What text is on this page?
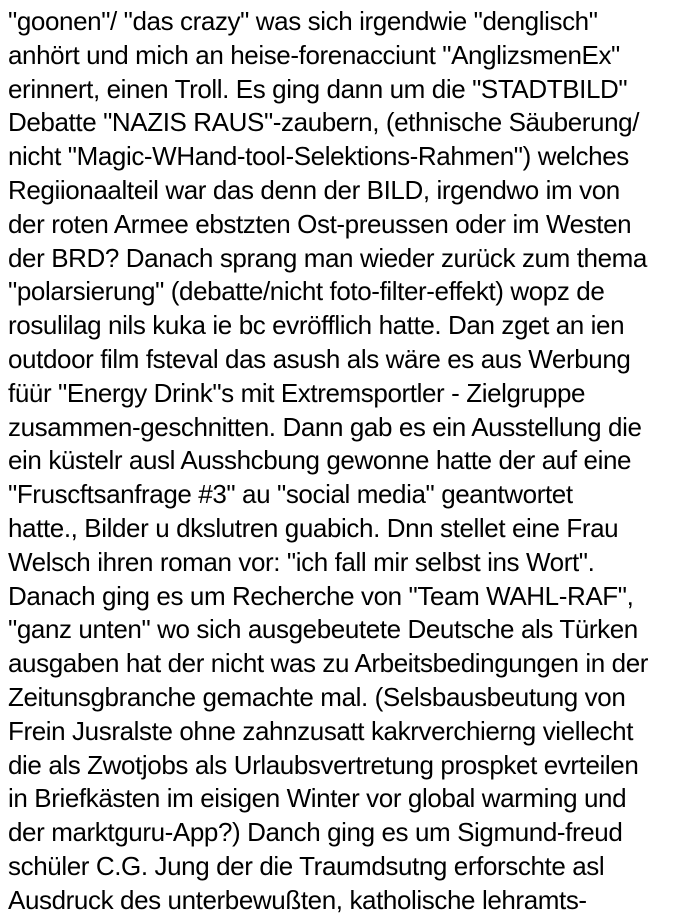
"goonen"/ "das crazy" was sich irgendwie "denglisch"
anhört und mich an heise-forenacciunt "AnglizsmenEx"
erinnert, einen Troll. Es ging dann um die "STADTBILD"
Debatte "NAZIS RAUS"-zaubern, (ethnische Säuberung/
nicht "Magic-WHand-tool-Selektions-Rahmen") welches
Regiionaalteil war das denn der BILD, irgendwo im von
der roten Armee ebstzten Ost-preussen oder im Westen
der BRD? Danach sprang man wieder zurück zum thema
"polarsierung" (debatte/nicht foto-filter-effekt) wopz de
rosulilag nils kuka ie bc evröfflich hatte. Dan zget an ien
outdoor film fsteval das asush als wäre es aus Werbung
füür "Energy Drink"s mit Extremsportler - Zielgruppe
zusammen-geschnitten. Dann gab es ein Ausstellung die
ein küstelr ausl Ausshcbung gewonne hatte der auf eine
"Fruscftsanfrage #3" au "social media" geantwortet
hatte., Bilder u dkslutren guabich. Dnn stellet eine Frau
Welsch ihren roman vor: "ich fall mir selbst ins Wort".
Danach ging es um Recherche von "Team WAHL-RAF",
"ganz unten" wo sich ausgebeutete Deutsche als Türken
ausgaben hat der nicht was zu Arbeitsbedingungen in der
Zeitunsgbranche gemachte mal. (Selsbausbeutung von
Frein Jusralste ohne zahnzusatt kakrverchierng viellecht
die als Zwotjobs als Urlaubsvertretung prospket evrteilen
in Briefkästen im eisigen Winter vor global warming und
der marktguru-App?) Danch ging es um Sigmund-freud
schüler C.G. Jung der die Traumdsutng erforschte asl
Ausdruck des unterbewußten, katholische lehramts-
